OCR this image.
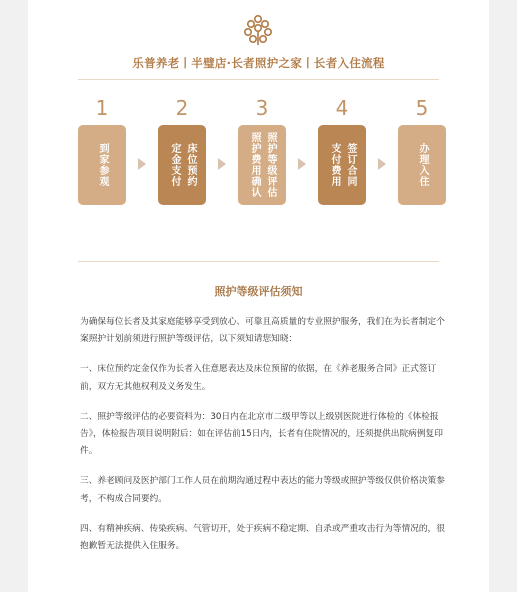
乐普养老丨半璧店·长者照护之家丨长者入住流程
1
到家参观
2
床位预约
定金支付
3
照护等级评估
照护费用确认
4
签订合同
支付费用
5
办理入住
照护等级评估须知

为确保每位长者及其家庭能够享受到放心、可靠且高质量的专业照护服务，我们在为长者制定个案照护计划前须进行照护等级评估，以下须知请您知晓：

一、床位预约定金仅作为长者入住意愿表达及床位预留的依据，在《养老服务合同》正式签订前，双方无其他权利及义务发生。

二、照护等级评估的必要资料为：30日内在北京市二级甲等以上级别医院进行体检的《体检报告》，体检报告项目说明附后：如在评估前15日内，长者有住院情况的，还须提供出院病例复印件。

三、养老顾问及医护部门工作人员在前期沟通过程中表达的能力等级或照护等级仅供价格决策参考，不构成合同要约。

四、有精神疾病、传染疾病、气管切开，处于疾病不稳定期、自杀或严重攻击行为等情况的，很抱歉暂无法提供入住服务。
